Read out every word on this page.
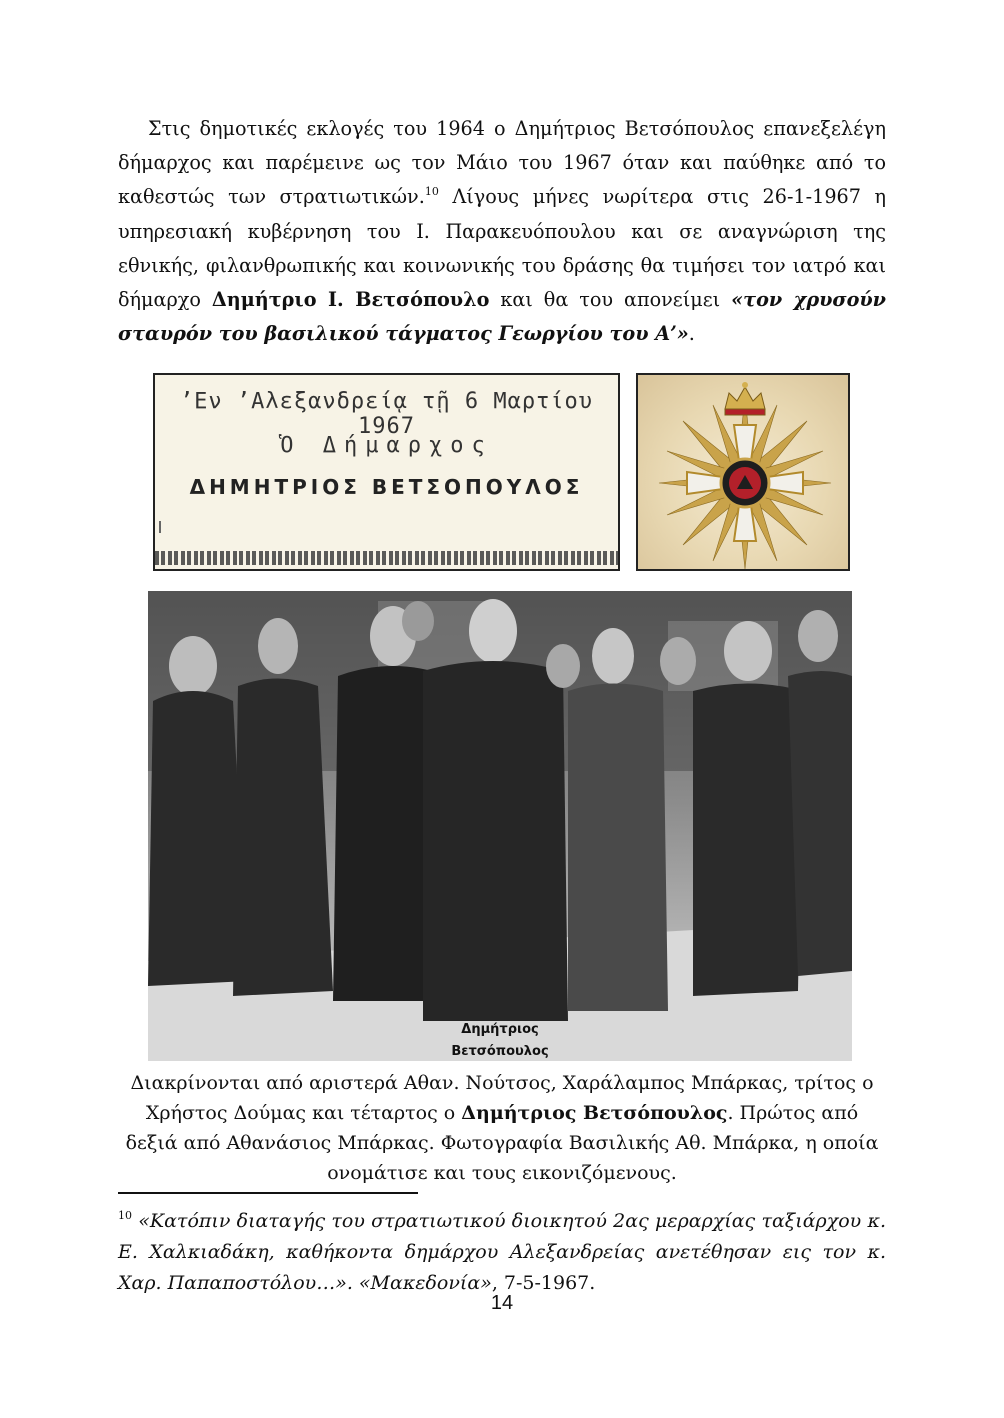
Στις δημοτικές εκλογές του 1964 ο Δημήτριος Βετσόπουλος επανεξελέγη δήμαρχος και παρέμεινε ως τον Μάιο του 1967 όταν και παύθηκε από το καθεστώς των στρατιωτικών.$^{10}$ Λίγους μήνες νωρίτερα στις 26-1-1967 η υπηρεσιακή κυβέρνηση του Ι. Παρακευόπουλου και σε αναγνώριση της εθνικής, φιλανθρωπικής και κοινωνικής του δράσης θα τιμήσει τον ιατρό και δήμαρχο Δημήτριο Ι. Βετσόπουλο και θα του απονείμει «τον χρυσούν σταυρόν του βασιλικού τάγματος Γεωργίου του Α’».

’Εν ’Αλεξανδρείᾳ τῇ 6 Μαρτίου 1967
Ὁ Δήμαρχος
ΔΗΜΗΤΡΙΟΣ ΒΕΤΣΟΠΟΥΛΟΣ
Δημήτριος
Βετσόπουλος

Διακρίνονται από αριστερά Αθαν. Νούτσος, Χαράλαμπος Μπάρκας, τρίτος ο Χρήστος Δούμας και τέταρτος ο Δημήτριος Βετσόπουλος. Πρώτος από δεξιά από Αθανάσιος Μπάρκας. Φωτογραφία Βασιλικής Αθ. Μπάρκα, η οποία ονομάτισε και τους εικονιζόμενους.

$^{10}$ «Κατόπιν διαταγής του στρατιωτικού διοικητού 2ας μεραρχίας ταξιάρχου κ. Ε. Χαλκιαδάκη, καθήκοντα δημάρχου Αλεξανδρείας ανετέθησαν εις τον κ. Χαρ. Παπαποστόλου…». «Μακεδονία», 7-5-1967.

14
